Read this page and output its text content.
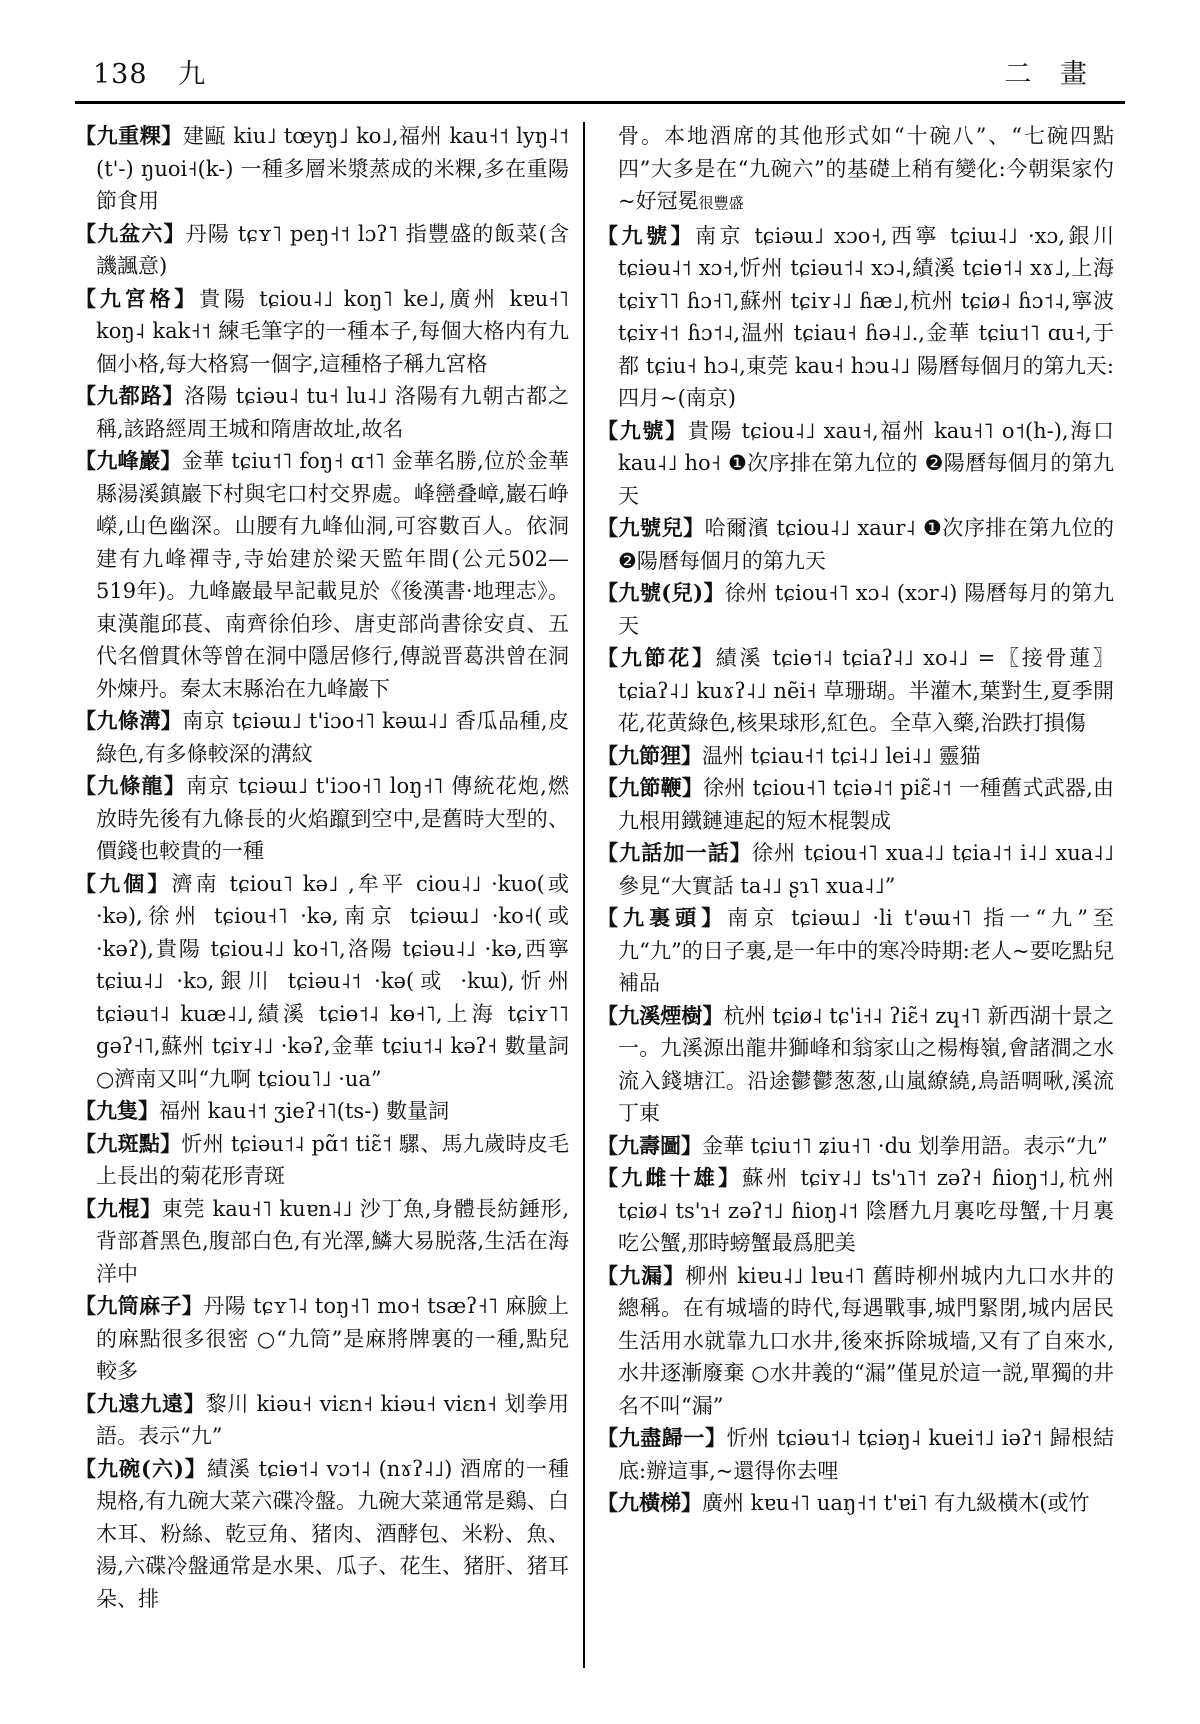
138 九	二 畫

【九重粿】建甌 kiu˩ tœyŋ˩ ko˩,福州 kau˧˦ lyŋ˨˦ (t'-) ŋuoi˧(k-) 一種多層米漿蒸成的米粿,多在重陽節食用

【九盆六】丹陽 tɕʏ˥ peŋ˧˦ lɔʔ˥ 指豐盛的飯菜(含譏諷意)

【九宮格】貴陽 tɕiou˨˩ koŋ˥ ke˩,廣州 kɐu˧˥ koŋ˨ kak˧˦ 練毛筆字的一種本子,每個大格内有九個小格,每大格寫一個字,這種格子稱九宮格

【九都路】洛陽 tɕiəu˨ tu˧ lu˨˩ 洛陽有九朝古都之稱,該路經周王城和隋唐故址,故名

【九峰巖】金華 tɕiu˦˥ foŋ˧ ɑ˦˥ 金華名勝,位於金華縣湯溪鎮巖下村與宅口村交界處。峰巒叠嶂,巖石峥嶸,山色幽深。山腰有九峰仙洞,可容數百人。依洞建有九峰禪寺,寺始建於梁天監年間(公元502—519年)。九峰巖最早記載見於《後漢書·地理志》。東漢龍邱萇、南齊徐伯珍、唐吏部尚書徐安貞、五代名僧貫休等曾在洞中隱居修行,傳説晋葛洪曾在洞外煉丹。秦太末縣治在九峰巖下

【九條溝】南京 tɕiəɯ˩ t'iɔo˧˥ kəɯ˨˩ 香瓜品種,皮綠色,有多條較深的溝紋

【九條龍】南京 tɕiəɯ˩ t'iɔo˧˥ loŋ˧˥ 傳統花炮,燃放時先後有九條長的火焰躥到空中,是舊時大型的、價錢也較貴的一種

【九個】濟南 tɕiou˥ kə˩ ,牟平 ciou˨˩ ·kuo(或 ·kə),徐州 tɕiou˧˥ ·kə,南京 tɕiəɯ˩ ·ko˧(或 ·kəʔ),貴陽 tɕiou˨˩ ko˧˥,洛陽 tɕiəu˨˩ ·kə,西寧 tɕiɯ˨˩ ·kɔ,銀川 tɕiəu˨˦ ·kə(或 ·kɯ),忻州 tɕiəu˦˨ kuæ˨˩,績溪 tɕiɵ˦˨ kɵ˧˥,上海 tɕiʏ˥˥ gəʔ˧˥,蘇州 tɕiʏ˨˩ ·kəʔ,金華 tɕiu˦˨ kəʔ˧ 數量詞 ○濟南又叫“九啊 tɕiou˥˩ ·ua”

【九隻】福州 kau˧˦ ʒieʔ˧˥(ts-) 數量詞

【九斑點】忻州 tɕiəu˦˨ pɑ̃˦ tiɛ̃˦ 騾、馬九歲時皮毛上長出的菊花形青斑

【九棍】東莞 kau˧˥ kuɐn˨˩ 沙丁魚,身體長紡錘形,背部蒼黑色,腹部白色,有光澤,鱗大易脱落,生活在海洋中

【九筒麻子】丹陽 tɕʏ˥˨ toŋ˧˥ mo˧ tsæʔ˧˥ 麻臉上的麻點很多很密 ○“九筒”是麻將牌裏的一種,點兒較多

【九遠九遠】黎川 kiəu˧ viɛn˧ kiəu˧ viɛn˧ 划拳用語。表示“九”

【九碗(六)】績溪 tɕiɵ˦˨ vɔ˦˨ (nɤʔ˨˩) 酒席的一種規格,有九碗大菜六碟冷盤。九碗大菜通常是鷄、白木耳、粉絲、乾豆角、猪肉、酒酵包、米粉、魚、湯,六碟冷盤通常是水果、瓜子、花生、猪肝、猪耳朵、排

骨。本地酒席的其他形式如“十碗八”、“七碗四點四”大多是在“九碗六”的基礎上稍有變化:今朝渠家仢~好冠冕很豐盛

【九號】南京 tɕiəɯ˩ xɔo˧,西寧 tɕiɯ˨˩ ·xɔ,銀川 tɕiəu˨˦ xɔ˧,忻州 tɕiəu˦˨ xɔ˨,績溪 tɕiɵ˦˨ xɤ˩,上海 tɕiʏ˥˥ ɦɔ˧˥,蘇州 tɕiʏ˨˩ ɦæ˩,杭州 tɕiø˨ ɦɔ˦˨,寧波 tɕiʏ˧˦ ɦɔ˦˨,温州 tɕiau˧ ɦə˨˩.,金華 tɕiu˦˥ ɑu˧,于都 tɕiu˧ hɔ˨,東莞 kau˧ hɔu˨˩ 陽曆每個月的第九天:四月~(南京)

【九號】貴陽 tɕiou˨˩ xau˧,福州 kau˧˥ o˦(h-),海口 kau˨˩ ho˧ ❶次序排在第九位的 ❷陽曆每個月的第九天

【九號兒】哈爾濱 tɕiou˨˩ xaur˨ ❶次序排在第九位的 ❷陽曆每個月的第九天

【九號(兒)】徐州 tɕiou˧˥ xɔ˨ (xɔr˨) 陽曆每月的第九天

【九節花】績溪 tɕiɵ˦˨ tɕiaʔ˨˩ xo˨˩ =〖接骨蓮〗tɕiaʔ˨˩ kuɤʔ˨˩ nẽi˧ 草珊瑚。半灌木,葉對生,夏季開花,花黄綠色,核果球形,紅色。全草入藥,治跌打損傷

【九節狸】温州 tɕiau˧˦ tɕi˨˩ lei˨˩ 靈猫

【九節鞭】徐州 tɕiou˧˥ tɕiə˨˦ piɛ̃˨˦ 一種舊式武器,由九根用鐵鏈連起的短木棍製成

【九話加一話】徐州 tɕiou˧˥ xua˨˩ tɕia˨˦ i˨˩ xua˨˩ 參見“大實話 ta˨˩ ʂɿ˥ xua˨˩”

【九裏頭】南京 tɕiəɯ˩ ·li t'əɯ˧˥ 指一“九”至九“九”的日子裏,是一年中的寒冷時期:老人~要吃點兒補品

【九溪煙樹】杭州 tɕiø˨ tɕ'i˧˨ ʔiɛ̃˧ zɥ˧˥ 新西湖十景之一。九溪源出龍井獅峰和翁家山之楊梅嶺,會諸澗之水流入錢塘江。沿途鬱鬱葱葱,山嵐繚繞,鳥語啁啾,溪流丁東

【九壽圖】金華 tɕiu˦˥ ʑiu˧˥ ·du 划拳用語。表示“九”

【九雌十雄】蘇州 tɕiʏ˨˩ ts'ɿ˥˦ zəʔ˧ ɦioŋ˦˩,杭州 tɕiø˨ ts'ɿ˧ zəʔ˦˩ ɦioŋ˨˦ 陰曆九月裏吃母蟹,十月裏吃公蟹,那時螃蟹最爲肥美

【九漏】柳州 kiɐu˨˩ lɐu˧˥ 舊時柳州城内九口水井的總稱。在有城墙的時代,每遇戰事,城門緊閉,城内居民生活用水就靠九口水井,後來拆除城墙,又有了自來水,水井逐漸廢棄 ○水井義的“漏”僅見於這一説,單獨的井名不叫“漏”

【九盡歸一】忻州 tɕiəu˦˨ tɕiəŋ˨ kuei˦˩ iəʔ˦ 歸根結底:辦這事,~還得你去哩

【九橫梯】廣州 kɐu˧˥ uaŋ˧˦ t'ɐi˥ 有九級橫木(或竹
